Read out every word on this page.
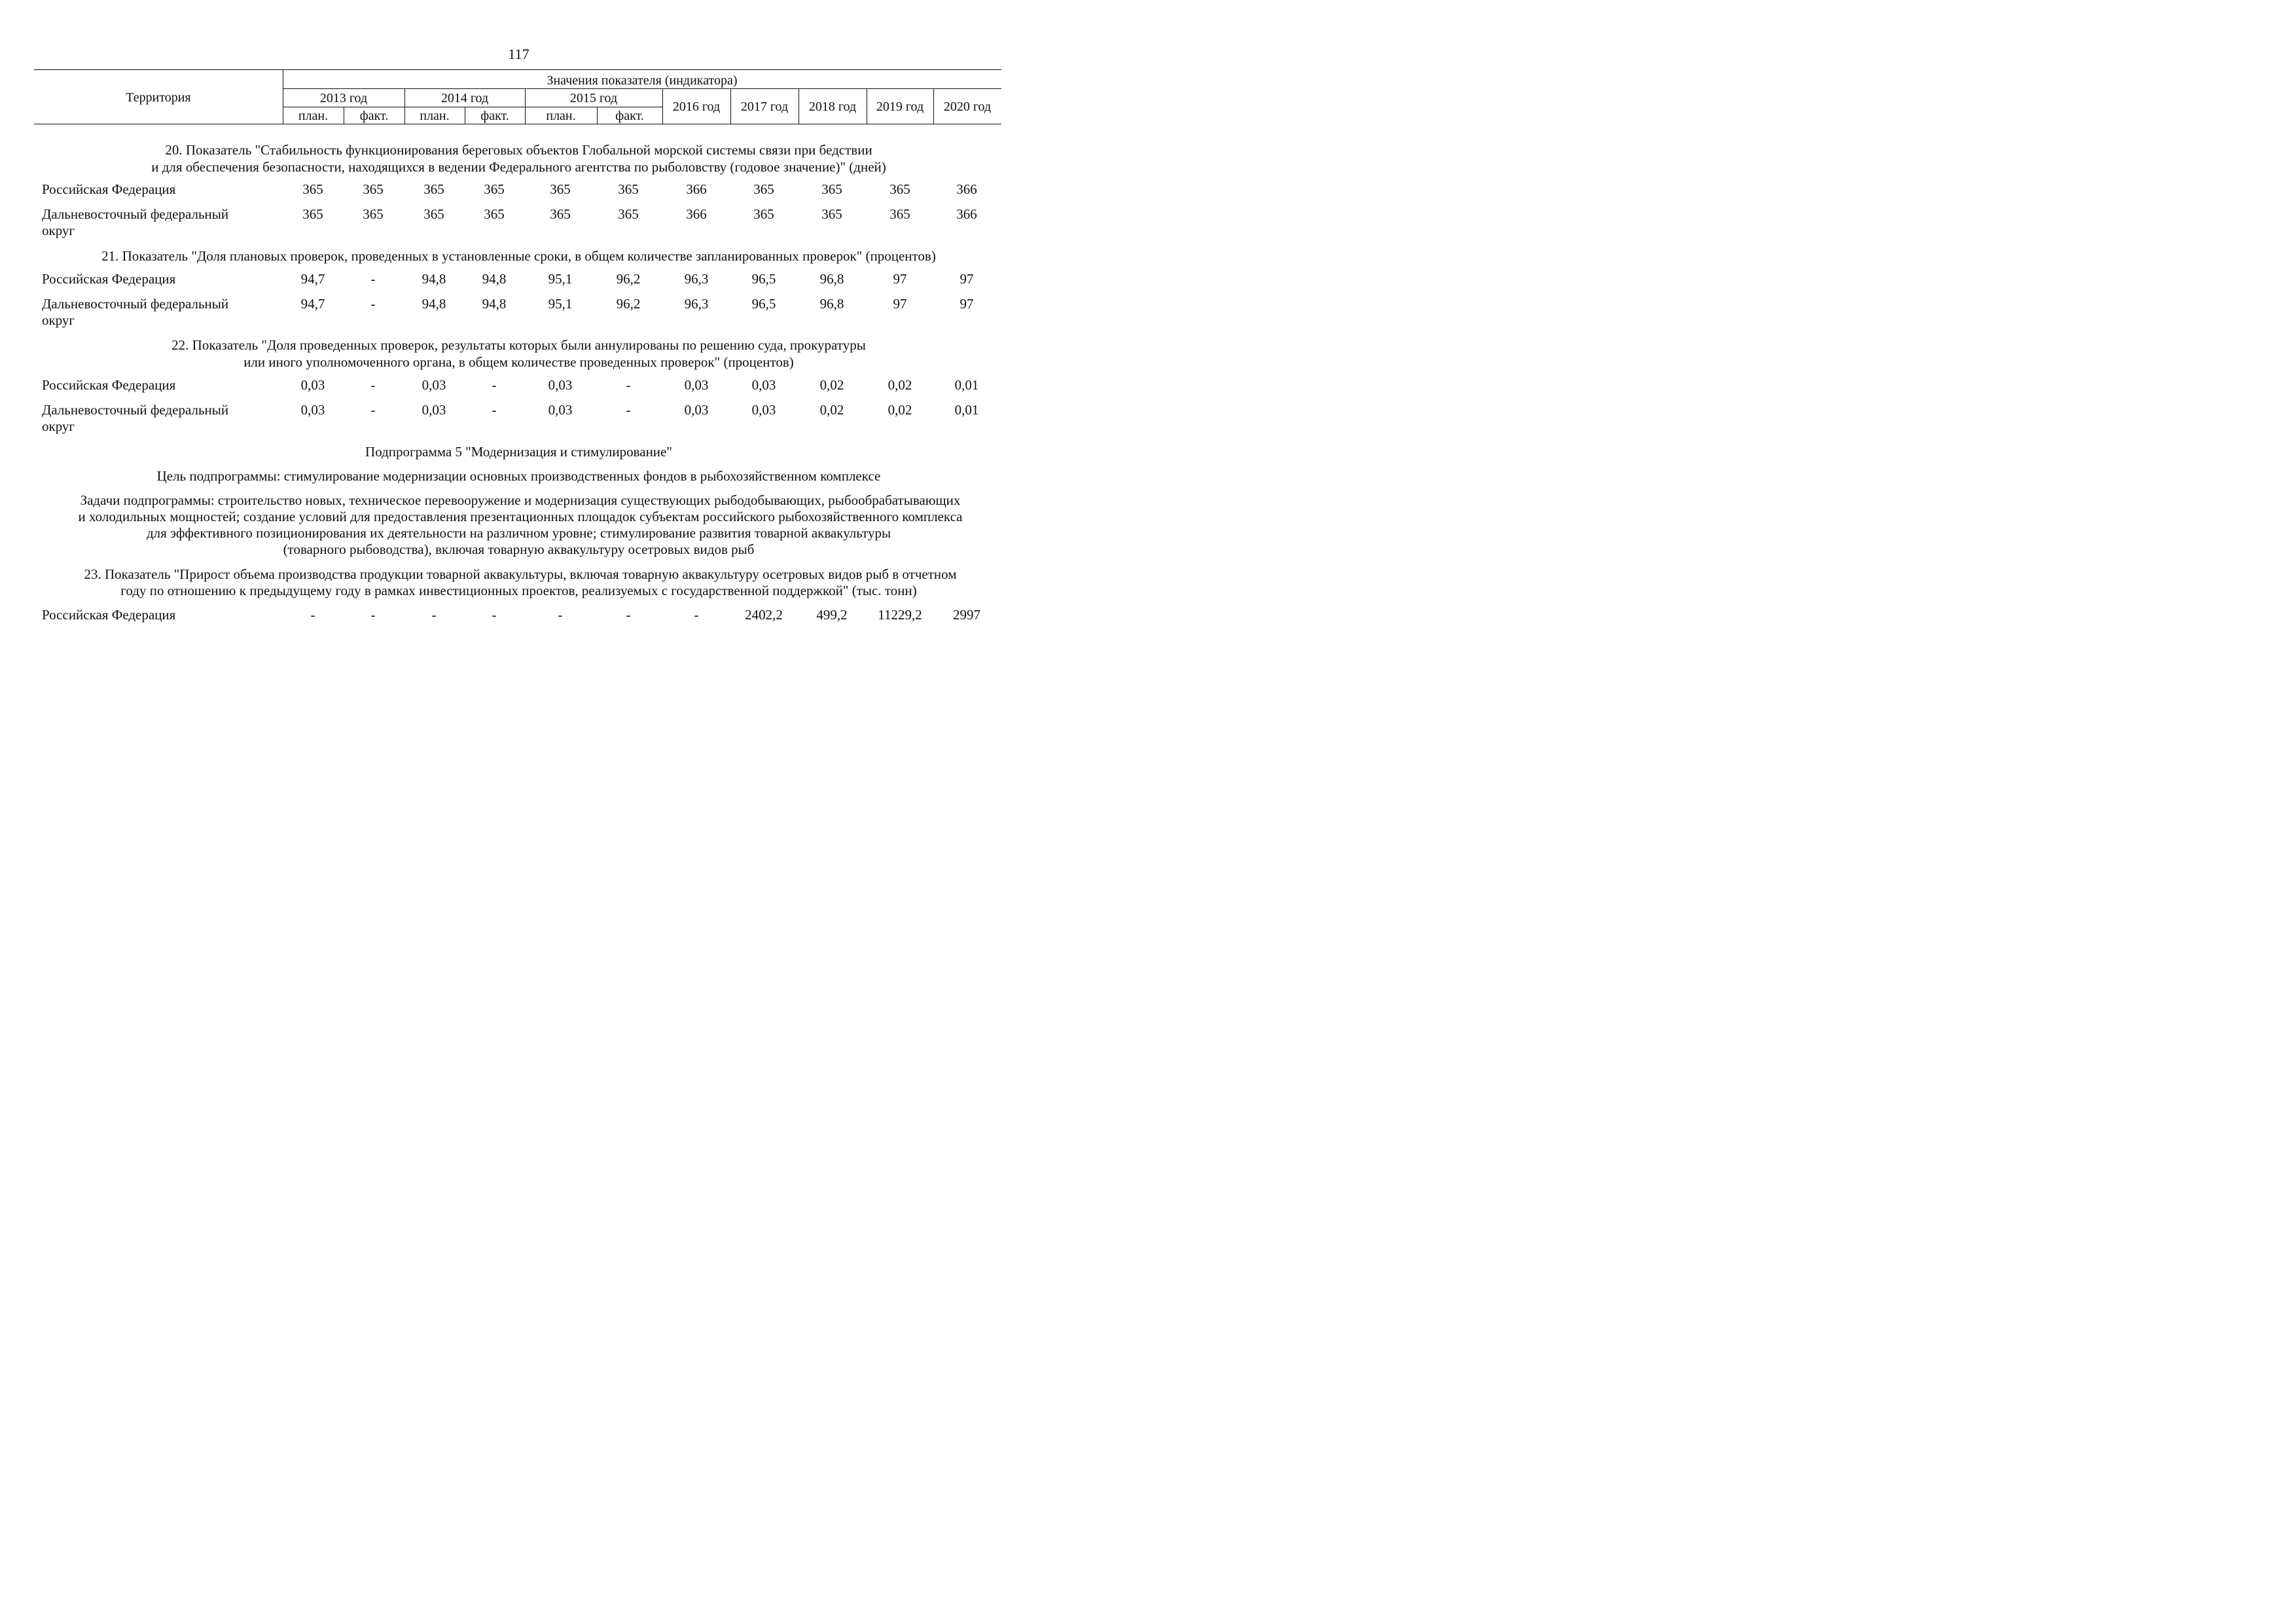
117
Территория
Значения показателя (индикатора)
2013 год	2014 год	2015 год
план.	факт.	план.	факт.	план.	факт.
2016 год	2017 год	2018 год	2019 год	2020 год
20. Показатель "Стабильность функционирования береговых объектов Глобальной морской системы связи при бедствии
и для обеспечения безопасности, находящихся в ведении Федерального агентства по рыболовству (годовое значение)" (дней)
Российская Федерация	365	365	365	365	365	365	366	365	365	365	366
Дальневосточный федеральный	365	365	365	365	365	365	366	365	365	365	366
округ
21. Показатель "Доля плановых проверок, проведенных в установленные сроки, в общем количестве запланированных проверок" (процентов)
Российская Федерация	94,7	-	94,8	94,8	95,1	96,2	96,3	96,5	96,8	97	97
Дальневосточный федеральный	94,7	-	94,8	94,8	95,1	96,2	96,3	96,5	96,8	97	97
округ
22. Показатель "Доля проведенных проверок, результаты которых были аннулированы по решению суда, прокуратуры
или иного уполномоченного органа, в общем количестве проведенных проверок" (процентов)
Российская Федерация	0,03	-	0,03	-	0,03	-	0,03	0,03	0,02	0,02	0,01
Дальневосточный федеральный	0,03	-	0,03	-	0,03	-	0,03	0,03	0,02	0,02	0,01
округ
Подпрограмма 5 "Модернизация и стимулирование"
Цель подпрограммы: стимулирование модернизации основных производственных фондов в рыбохозяйственном комплексе
Задачи подпрограммы: строительство новых, техническое перевооружение и модернизация существующих рыбодобывающих, рыбообрабатывающих
и холодильных мощностей; создание условий для предоставления презентационных площадок субъектам российского рыбохозяйственного комплекса
для эффективного позиционирования их деятельности на различном уровне; стимулирование развития товарной аквакультуры
(товарного рыбоводства), включая товарную аквакультуру осетровых видов рыб
23. Показатель "Прирост объема производства продукции товарной аквакультуры, включая товарную аквакультуру осетровых видов рыб в отчетном
году по отношению к предыдущему году в рамках инвестиционных проектов, реализуемых с государственной поддержкой" (тыс. тонн)
Российская Федерация	-	-	-	-	-	-	-	2402,2	499,2	11229,2	2997
